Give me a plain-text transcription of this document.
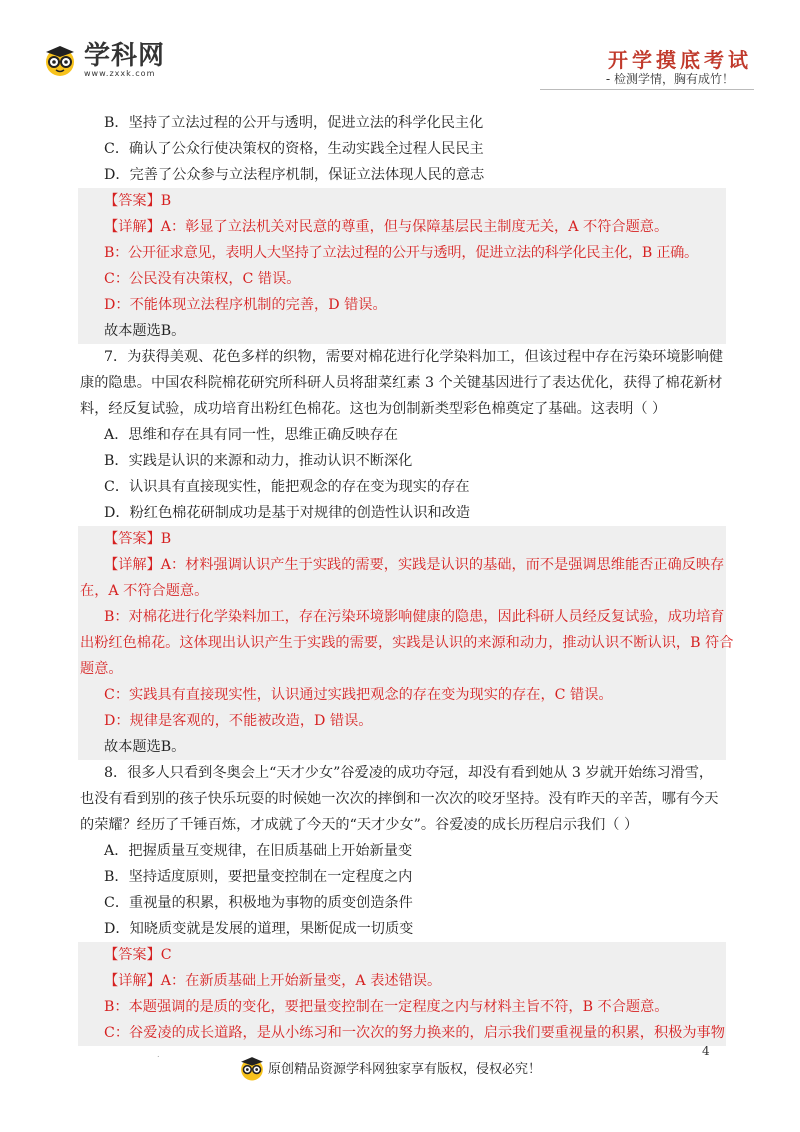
学科网
www.zxxk.com
开学摸底考试
- 检测学情，胸有成竹！
B．坚持了立法过程的公开与透明，促进立法的科学化民主化
C．确认了公众行使决策权的资格，生动实践全过程人民民主
D．完善了公众参与立法程序机制，保证立法体现人民的意志
【答案】B
【详解】A：彰显了立法机关对民意的尊重，但与保障基层民主制度无关，A 不符合题意。
B：公开征求意见，表明人大坚持了立法过程的公开与透明，促进立法的科学化民主化，B 正确。
C：公民没有决策权，C 错误。
D：不能体现立法程序机制的完善，D 错误。
故本题选B。
7．为获得美观、花色多样的织物，需要对棉花进行化学染料加工，但该过程中存在污染环境影响健
康的隐患。中国农科院棉花研究所科研人员将甜菜红素 3 个关键基因进行了表达优化，获得了棉花新材
料，经反复试验，成功培育出粉红色棉花。这也为创制新类型彩色棉奠定了基础。这表明（ ）
A．思维和存在具有同一性，思维正确反映存在
B．实践是认识的来源和动力，推动认识不断深化
C．认识具有直接现实性，能把观念的存在变为现实的存在
D．粉红色棉花研制成功是基于对规律的创造性认识和改造
【答案】B
【详解】A：材料强调认识产生于实践的需要，实践是认识的基础，而不是强调思维能否正确反映存
在，A 不符合题意。
B：对棉花进行化学染料加工，存在污染环境影响健康的隐患，因此科研人员经反复试验，成功培育
出粉红色棉花。这体现出认识产生于实践的需要，实践是认识的来源和动力，推动认识不断认识，B 符合
题意。
C：实践具有直接现实性，认识通过实践把观念的存在变为现实的存在，C 错误。
D：规律是客观的，不能被改造，D 错误。
故本题选B。
8．很多人只看到冬奥会上“天才少女”谷爱凌的成功夺冠，却没有看到她从 3 岁就开始练习滑雪，
也没有看到别的孩子快乐玩耍的时候她一次次的摔倒和一次次的咬牙坚持。没有昨天的辛苦，哪有今天
的荣耀？经历了千锤百炼，才成就了今天的“天才少女”。谷爱凌的成长历程启示我们（ ）
A．把握质量互变规律，在旧质基础上开始新量变
B．坚持适度原则，要把量变控制在一定程度之内
C．重视量的积累，积极地为事物的质变创造条件
D．知晓质变就是发展的道理，果断促成一切质变
【答案】C
【详解】A：在新质基础上开始新量变，A 表述错误。
B：本题强调的是质的变化，要把量变控制在一定程度之内与材料主旨不符，B 不合题意。
C：谷爱凌的成长道路，是从小练习和一次次的努力换来的，启示我们要重视量的积累，积极为事物
.
原创精品资源学科网独家享有版权，侵权必究！
4
